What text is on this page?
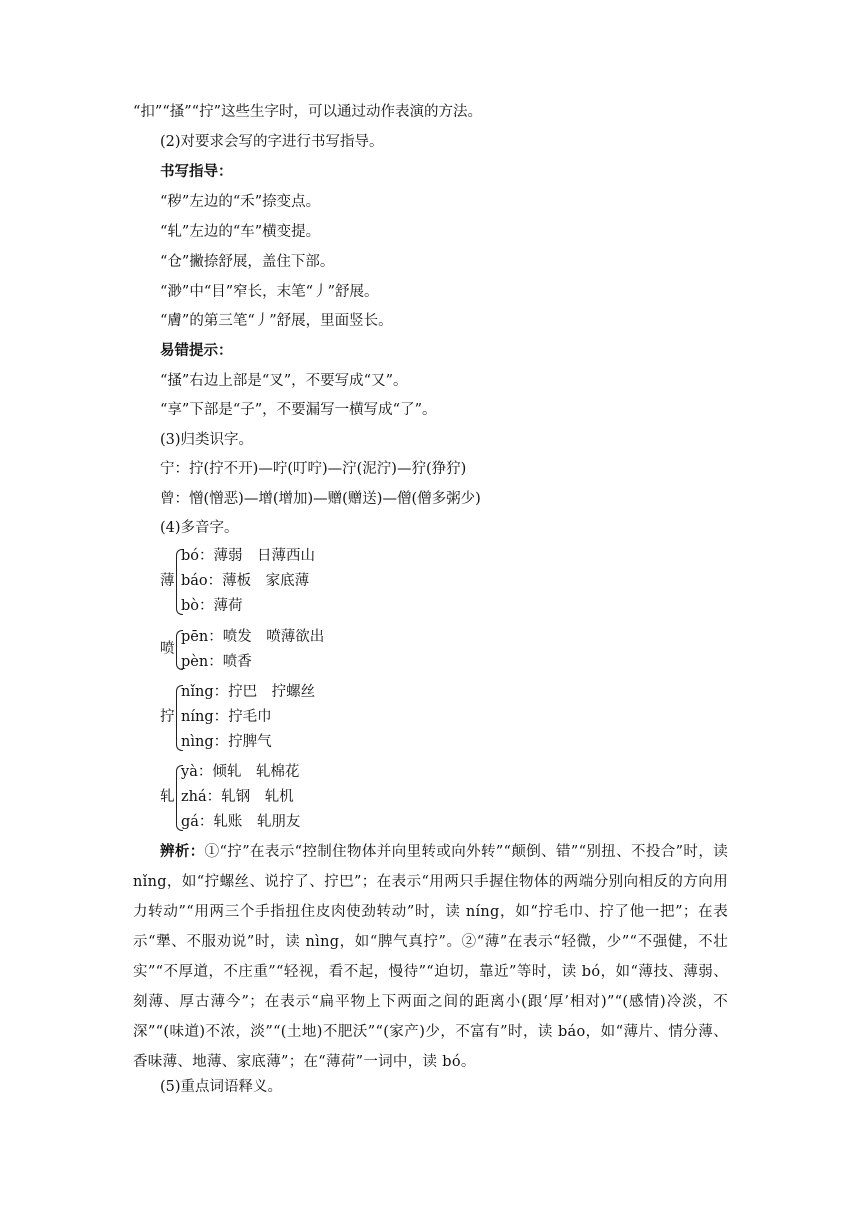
“扣”“搔”“拧”这些生字时，可以通过动作表演的方法。
(2)对要求会写的字进行书写指导。
书写指导：
“秽”左边的“禾”捺变点。
“轧”左边的“车”横变提。
“仓”撇捺舒展，盖住下部。
“渺”中“目”窄长，末笔“丿”舒展。
“膚”的第三笔“丿”舒展，里面竖长。
易错提示：
“搔”右边上部是“叉”，不要写成“又”。
“享”下部是“子”，不要漏写一横写成“了”。
(3)归类识字。
宁：拧(拧不开)—咛(叮咛)—泞(泥泞)—狞(狰狞)
曾：憎(憎恶)—增(增加)—赠(赠送)—僧(僧多粥少)
(4)多音字。
薄
bó：薄弱　日薄西山
báo：薄板　家底薄
bò：薄荷
喷
pēn：喷发　喷薄欲出
pèn：喷香
拧
nǐng：拧巴　拧螺丝
níng：拧毛巾
nìng：拧脾气
轧
yà：倾轧　轧棉花
zhá：轧钢　轧机
gá：轧账　轧朋友
辨析：①“拧”在表示“控制住物体并向里转或向外转”“颠倒、错”“别扭、不投合”时，读 nǐng，如“拧螺丝、说拧了、拧巴”；在表示“用两只手握住物体的两端分别向相反的方向用力转动”“用两三个手指扭住皮肉使劲转动”时，读 níng，如“拧毛巾、拧了他一把”；在表示“犟、不服劝说”时，读 nìng，如“脾气真拧”。②“薄”在表示“轻微，少”“不强健，不壮实”“不厚道，不庄重”“轻视，看不起，慢待”“迫切，靠近”等时，读 bó，如“薄技、薄弱、刻薄、厚古薄今”；在表示“扁平物上下两面之间的距离小(跟‘厚’相对)”“(感情)冷淡，不深”“(味道)不浓，淡”“(土地)不肥沃”“(家产)少，不富有”时，读 báo，如“薄片、情分薄、香味薄、地薄、家底薄”；在“薄荷”一词中，读 bó。
(5)重点词语释义。
